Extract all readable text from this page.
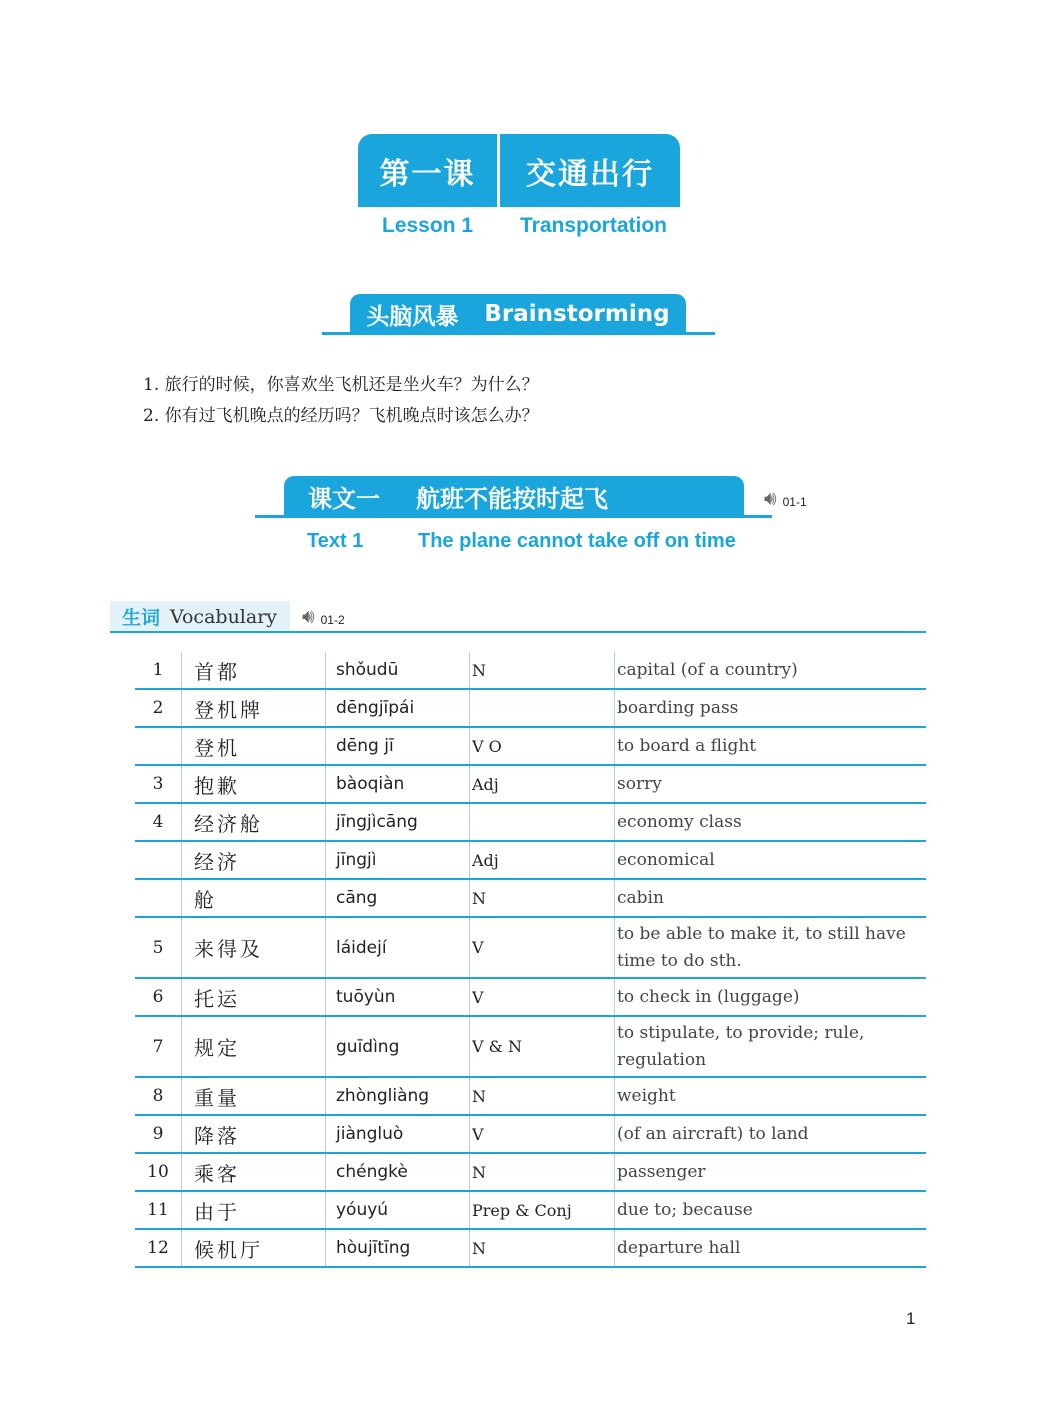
第一课	交通出行
Lesson 1 Transportation
头脑风暴 Brainstorming
1. 旅行的时候，你喜欢坐飞机还是坐火车？为什么？
2. 你有过飞机晚点的经历吗？飞机晚点时该怎么办？
课文一 航班不能按时起飞	🔊︎ 01-1
Text 1	The plane cannot take off on time
生词 Vocabulary 🔊︎ 01-2
1	首都	shǒudū	N	capital (of a country)
2	登机牌	dēngjīpái		boarding pass
	登机	dēng jī	V O	to board a flight
3	抱歉	bàoqiàn	Adj	sorry
4	经济舱	jīngjìcāng		economy class
	经济	jīngjì	Adj	economical
	舱	cāng	N	cabin
5	来得及	láidejí	V	to be able to make it, to still have time to do sth.
6	托运	tuōyùn	V	to check in (luggage)
7	规定	guīdìng	V & N	to stipulate, to provide; rule, regulation
8	重量	zhòngliàng	N	weight
9	降落	jiàngluò	V	(of an aircraft) to land
10	乘客	chéngkè	N	passenger
11	由于	yóuyú	Prep & Conj	due to; because
12	候机厅	hòujītīng	N	departure hall
1
